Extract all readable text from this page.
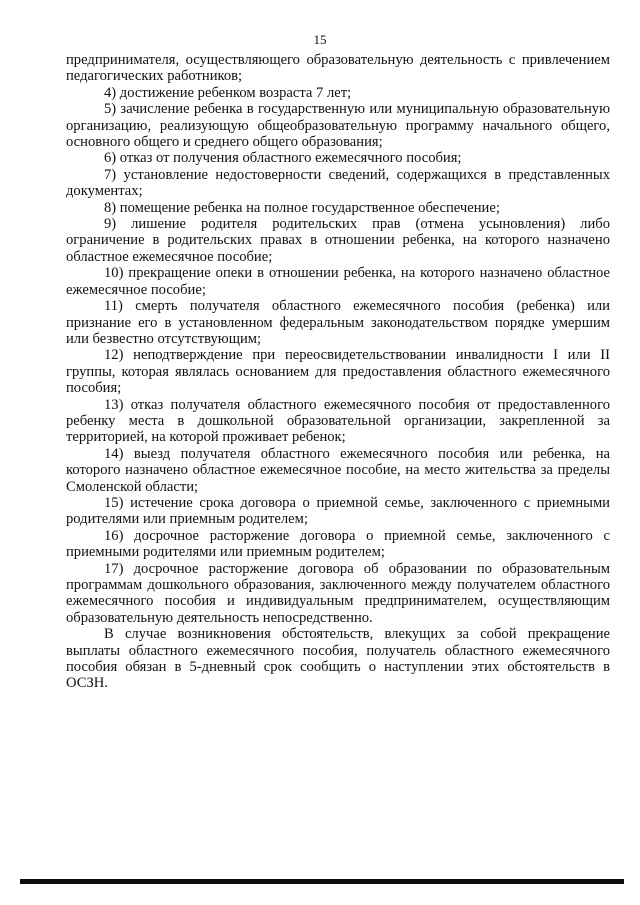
15

предпринимателя, осуществляющего образовательную деятельность с привлечением педагогических работников;

4) достижение ребенком возраста 7 лет;

5) зачисление ребенка в государственную или муниципальную образовательную организацию, реализующую общеобразовательную программу начального общего, основного общего и среднего общего образования;

6) отказ от получения областного ежемесячного пособия;

7) установление недостоверности сведений, содержащихся в представленных документах;

8) помещение ребенка на полное государственное обеспечение;

9) лишение родителя родительских прав (отмена усыновления) либо ограничение в родительских правах в отношении ребенка, на которого назначено областное ежемесячное пособие;

10) прекращение опеки в отношении ребенка, на которого назначено областное ежемесячное пособие;

11) смерть получателя областного ежемесячного пособия (ребенка) или признание его в установленном федеральным законодательством порядке умершим или безвестно отсутствующим;

12) неподтверждение при переосвидетельствовании инвалидности I или II группы, которая являлась основанием для предоставления областного ежемесячного пособия;

13) отказ получателя областного ежемесячного пособия от предоставленного ребенку места в дошкольной образовательной организации, закрепленной за территорией, на которой проживает ребенок;

14) выезд получателя областного ежемесячного пособия или ребенка, на которого назначено областное ежемесячное пособие, на место жительства за пределы Смоленской области;

15) истечение срока договора о приемной семье, заключенного с приемными родителями или приемным родителем;

16) досрочное расторжение договора о приемной семье, заключенного с приемными родителями или приемным родителем;

17) досрочное расторжение договора об образовании по образовательным программам дошкольного образования, заключенного между получателем областного ежемесячного пособия и индивидуальным предпринимателем, осуществляющим образовательную деятельность непосредственно.

В случае возникновения обстоятельств, влекущих за собой прекращение выплаты областного ежемесячного пособия, получатель областного ежемесячного пособия обязан в 5-дневный срок сообщить о наступлении этих обстоятельств в ОСЗН.
